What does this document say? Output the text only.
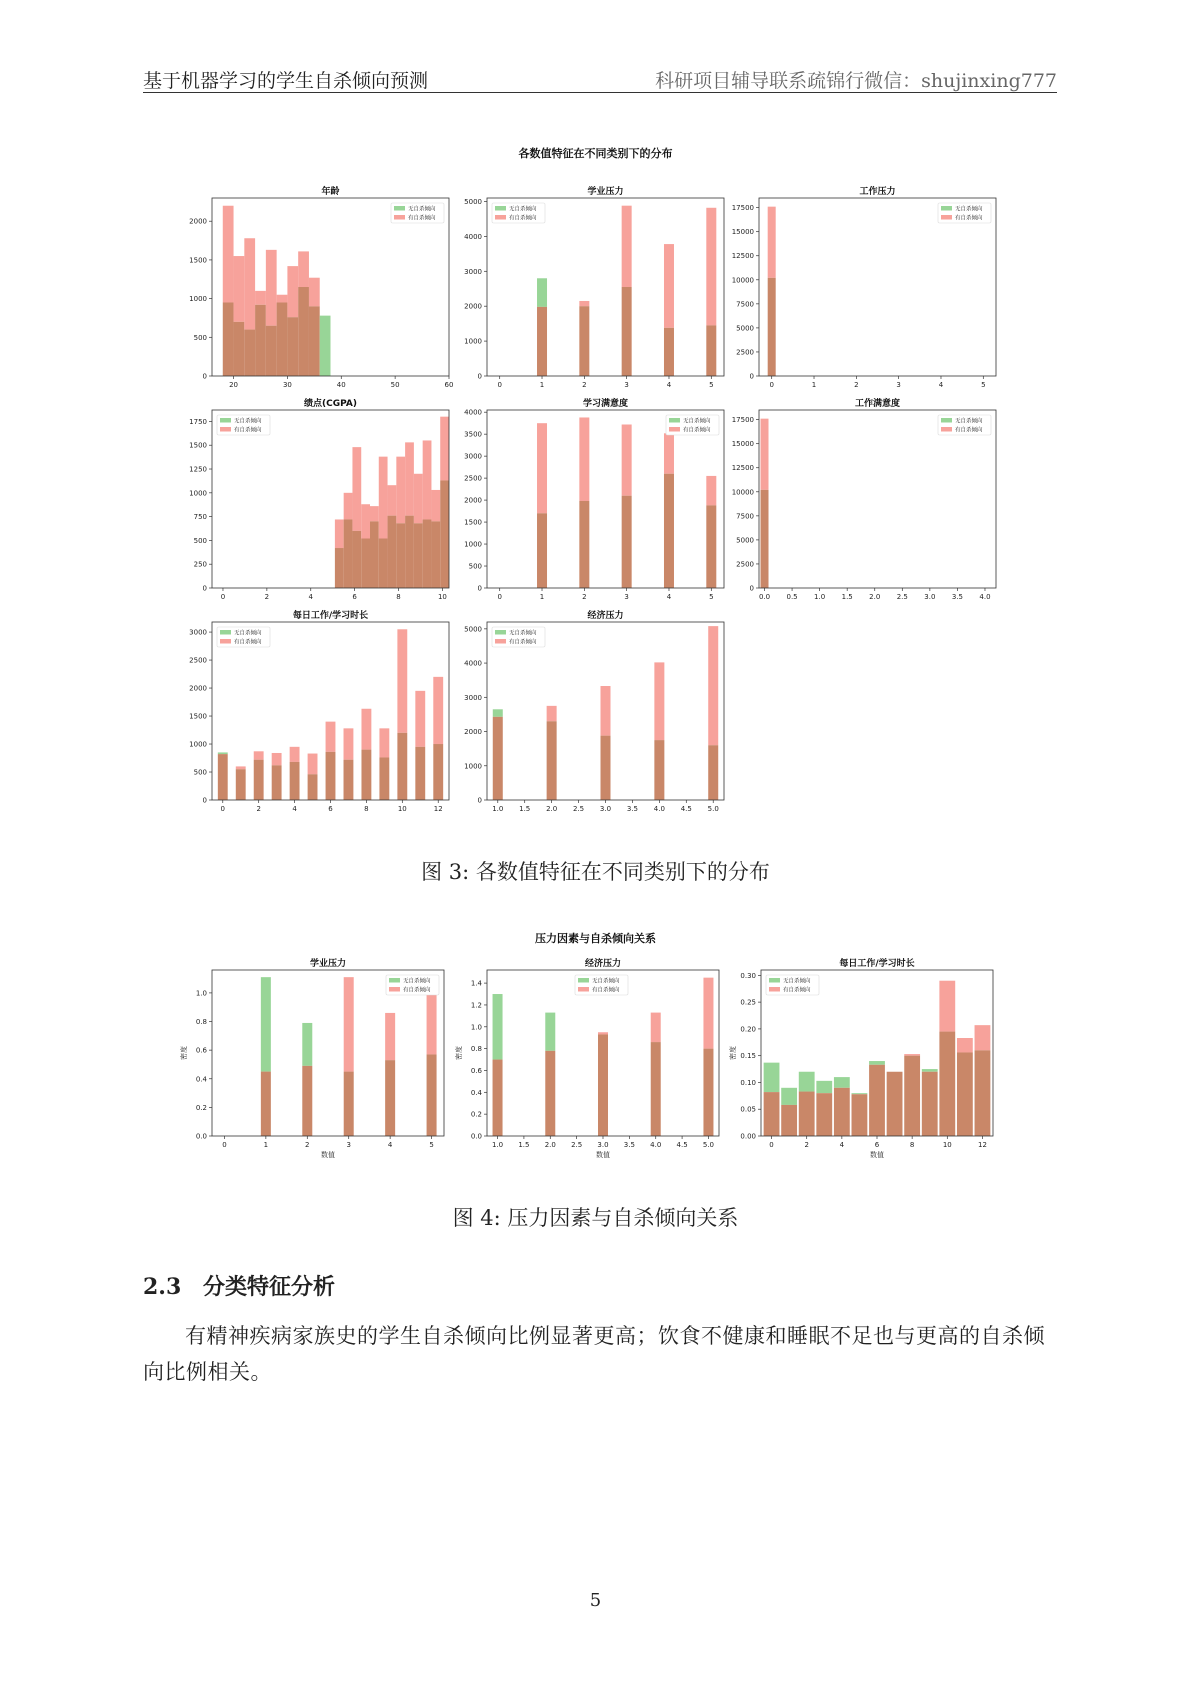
基于机器学习的学生自杀倾向预测	科研项目辅导联系疏锦行微信：shujinxing777
各数值特征在不同类别下的分布
图 3: 各数值特征在不同类别下的分布
压力因素与自杀倾向关系
图 4: 压力因素与自杀倾向关系
年龄
20	30	40	50	60
0
500
1000
1500
2000
无自杀倾向
有自杀倾向
学业压力
0	1	2	3	4	5
0
1000
2000
3000
4000
5000
无自杀倾向
有自杀倾向
工作压力
0	1	2	3	4	5
0
2500
5000
7500
10000
12500
15000
17500	无自杀倾向
有自杀倾向
绩点(CGPA)
0	2	4	6	8	10
0
250
500
750
1000
1250
1500
1750	无自杀倾向
有自杀倾向
学习满意度
0	1	2	3	4	5
0
500
1000
1500
2000
2500
3000
3500
4000
无自杀倾向
有自杀倾向
工作满意度
0.0 0.5 1.0 1.5 2.0 2.5 3.0 3.5 4.0
0
2500
5000
7500
10000
12500
15000
17500	无自杀倾向
有自杀倾向
每日工作/学习时长
0	2	4	6	8	10	12
0
500
1000
1500
2000
2500
3000	无自杀倾向
有自杀倾向
经济压力
1.0 1.5 2.0 2.5 3.0 3.5 4.0 4.5 5.0
0
1000
2000
3000
4000
5000
无自杀倾向
有自杀倾向
学业压力
0	1	2	3	4	5
0.0
0.2
0.4
0.6
0.8
1.0
数值
密度
无自杀倾向
有自杀倾向
经济压力
1.0 1.5 2.0 2.5 3.0 3.5 4.0 4.5 5.0
0.0
0.2
0.4
0.6
0.8
1.0
1.2
1.4
数值
密度
无自杀倾向
有自杀倾向
每日工作/学习时长
0	2	4	6	8	10	12
0.00
0.05
0.10
0.15
0.20
0.25
0.30
数值
密度
无自杀倾向
有自杀倾向
2.3 分类特征分析
有精神疾病家族史的学生自杀倾向比例显著更高；饮食不健康和睡眠不足也与更高的自杀倾向比例相关。
5
